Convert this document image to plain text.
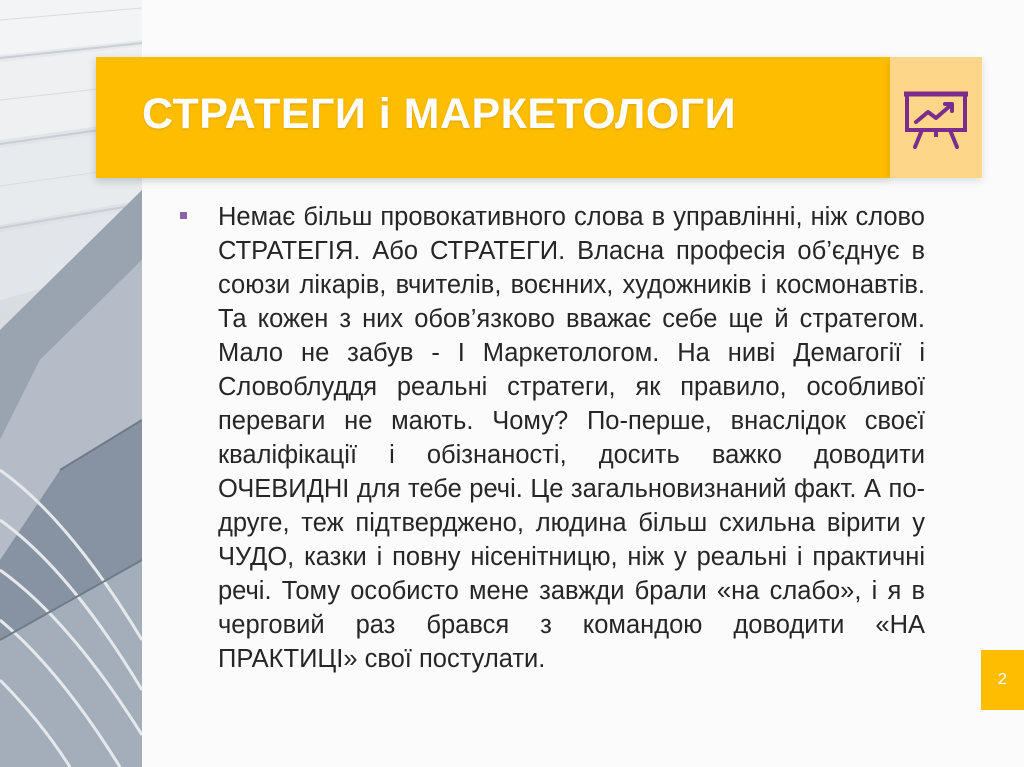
СТРАТЕГИ і МАРКЕТОЛОГИ
Немає більш провокативного слова в управлінні, ніж слово СТРАТЕГІЯ. Або СТРАТЕГИ. Власна професія об’єднує в союзи лікарів, вчителів, воєнних, художників і космонавтів. Та кожен з них обов’язково вважає себе ще й стратегом. Мало не забув - І Маркетологом. На ниві Демагогії і Словоблуддя реальні стратеги, як правило, особливої переваги не мають. Чому? По-перше, внаслідок своєї кваліфікації і обізнаності, досить важко доводити ОЧЕВИДНІ для тебе речі. Це загальновизнаний факт. А по-друге, теж підтверджено, людина більш схильна вірити у ЧУДО, казки і повну нісенітницю, ніж у реальні і практичні речі. Тому особисто мене завжди брали «на слабо», і я в черговий раз брався з командою доводити «НА ПРАКТИЦІ» свої постулати.
2
